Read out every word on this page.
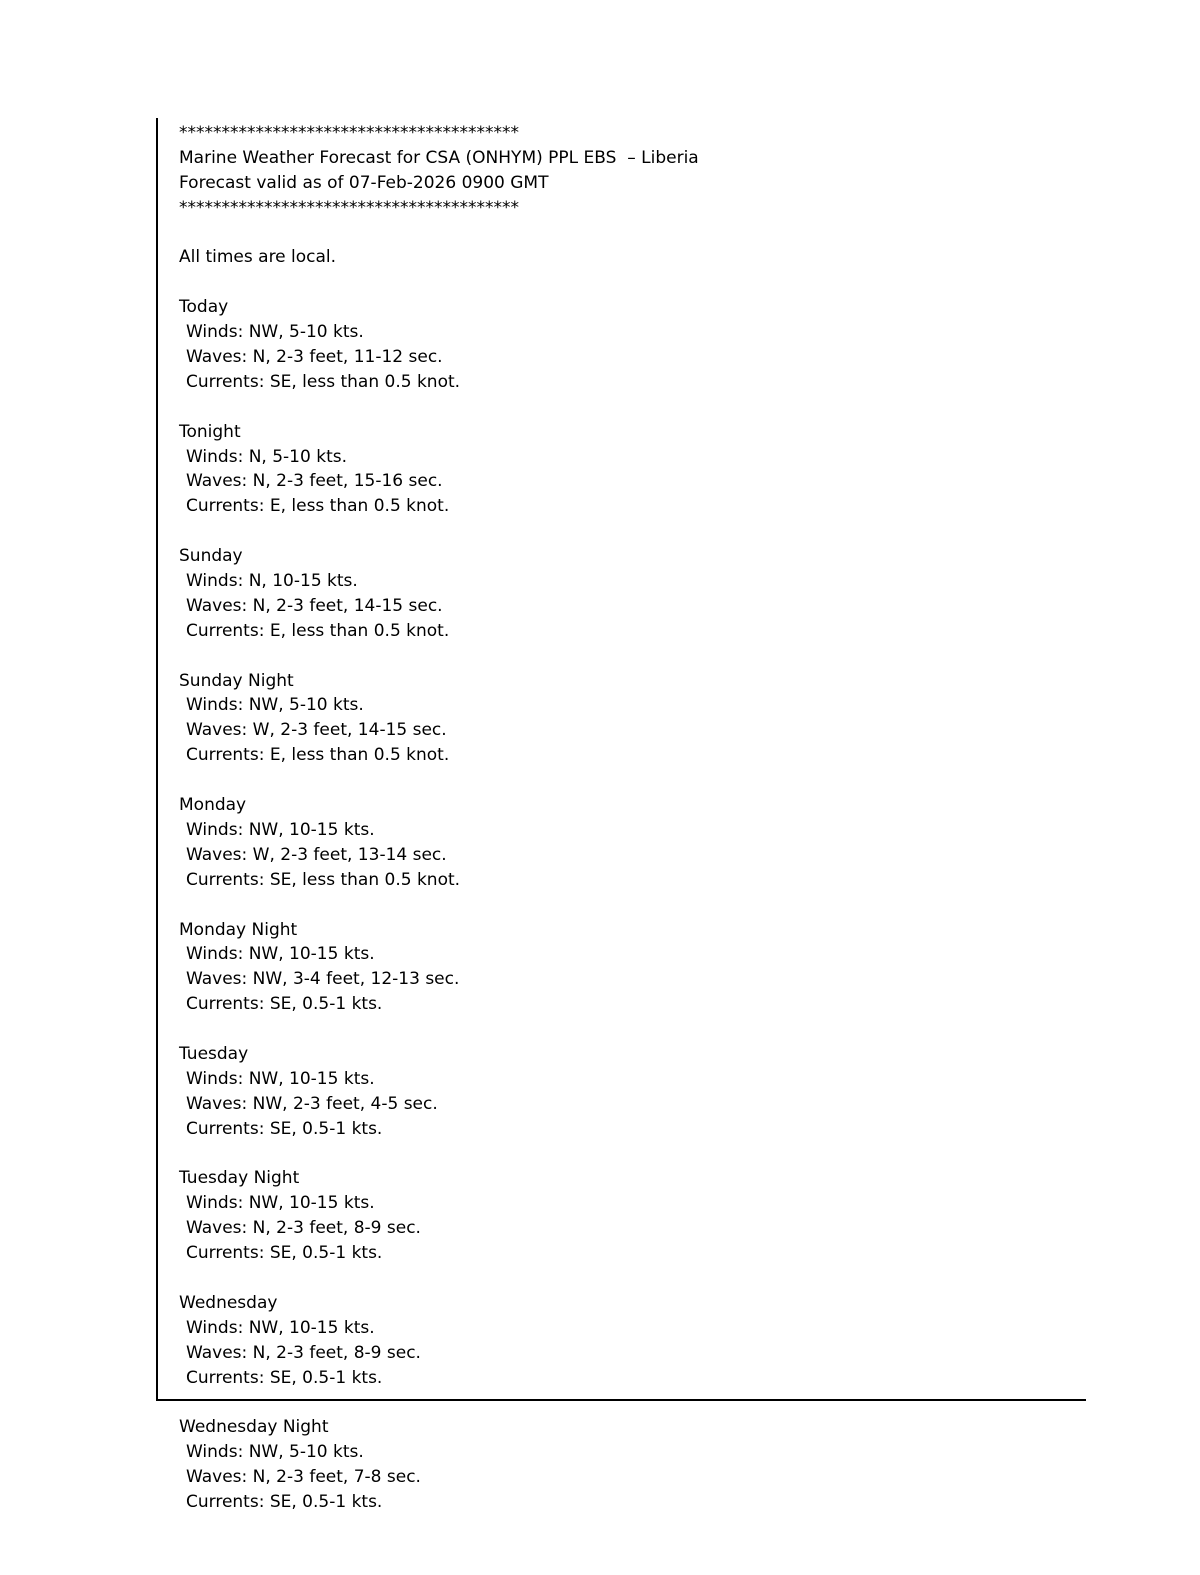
****************************************
Marine Weather Forecast for CSA (ONHYM) PPL EBS  – Liberia
Forecast valid as of 07-Feb-2026 0900 GMT
****************************************
All times are local.
Today
Winds: NW, 5-10 kts.
Waves: N, 2-3 feet, 11-12 sec.
Currents: SE, less than 0.5 knot.
Tonight
Winds: N, 5-10 kts.
Waves: N, 2-3 feet, 15-16 sec.
Currents: E, less than 0.5 knot.
Sunday
Winds: N, 10-15 kts.
Waves: N, 2-3 feet, 14-15 sec.
Currents: E, less than 0.5 knot.
Sunday Night
Winds: NW, 5-10 kts.
Waves: W, 2-3 feet, 14-15 sec.
Currents: E, less than 0.5 knot.
Monday
Winds: NW, 10-15 kts.
Waves: W, 2-3 feet, 13-14 sec.
Currents: SE, less than 0.5 knot.
Monday Night
Winds: NW, 10-15 kts.
Waves: NW, 3-4 feet, 12-13 sec.
Currents: SE, 0.5-1 kts.
Tuesday
Winds: NW, 10-15 kts.
Waves: NW, 2-3 feet, 4-5 sec.
Currents: SE, 0.5-1 kts.
Tuesday Night
Winds: NW, 10-15 kts.
Waves: N, 2-3 feet, 8-9 sec.
Currents: SE, 0.5-1 kts.
Wednesday
Winds: NW, 10-15 kts.
Waves: N, 2-3 feet, 8-9 sec.
Currents: SE, 0.5-1 kts.
Wednesday Night
Winds: NW, 5-10 kts.
Waves: N, 2-3 feet, 7-8 sec.
Currents: SE, 0.5-1 kts.
